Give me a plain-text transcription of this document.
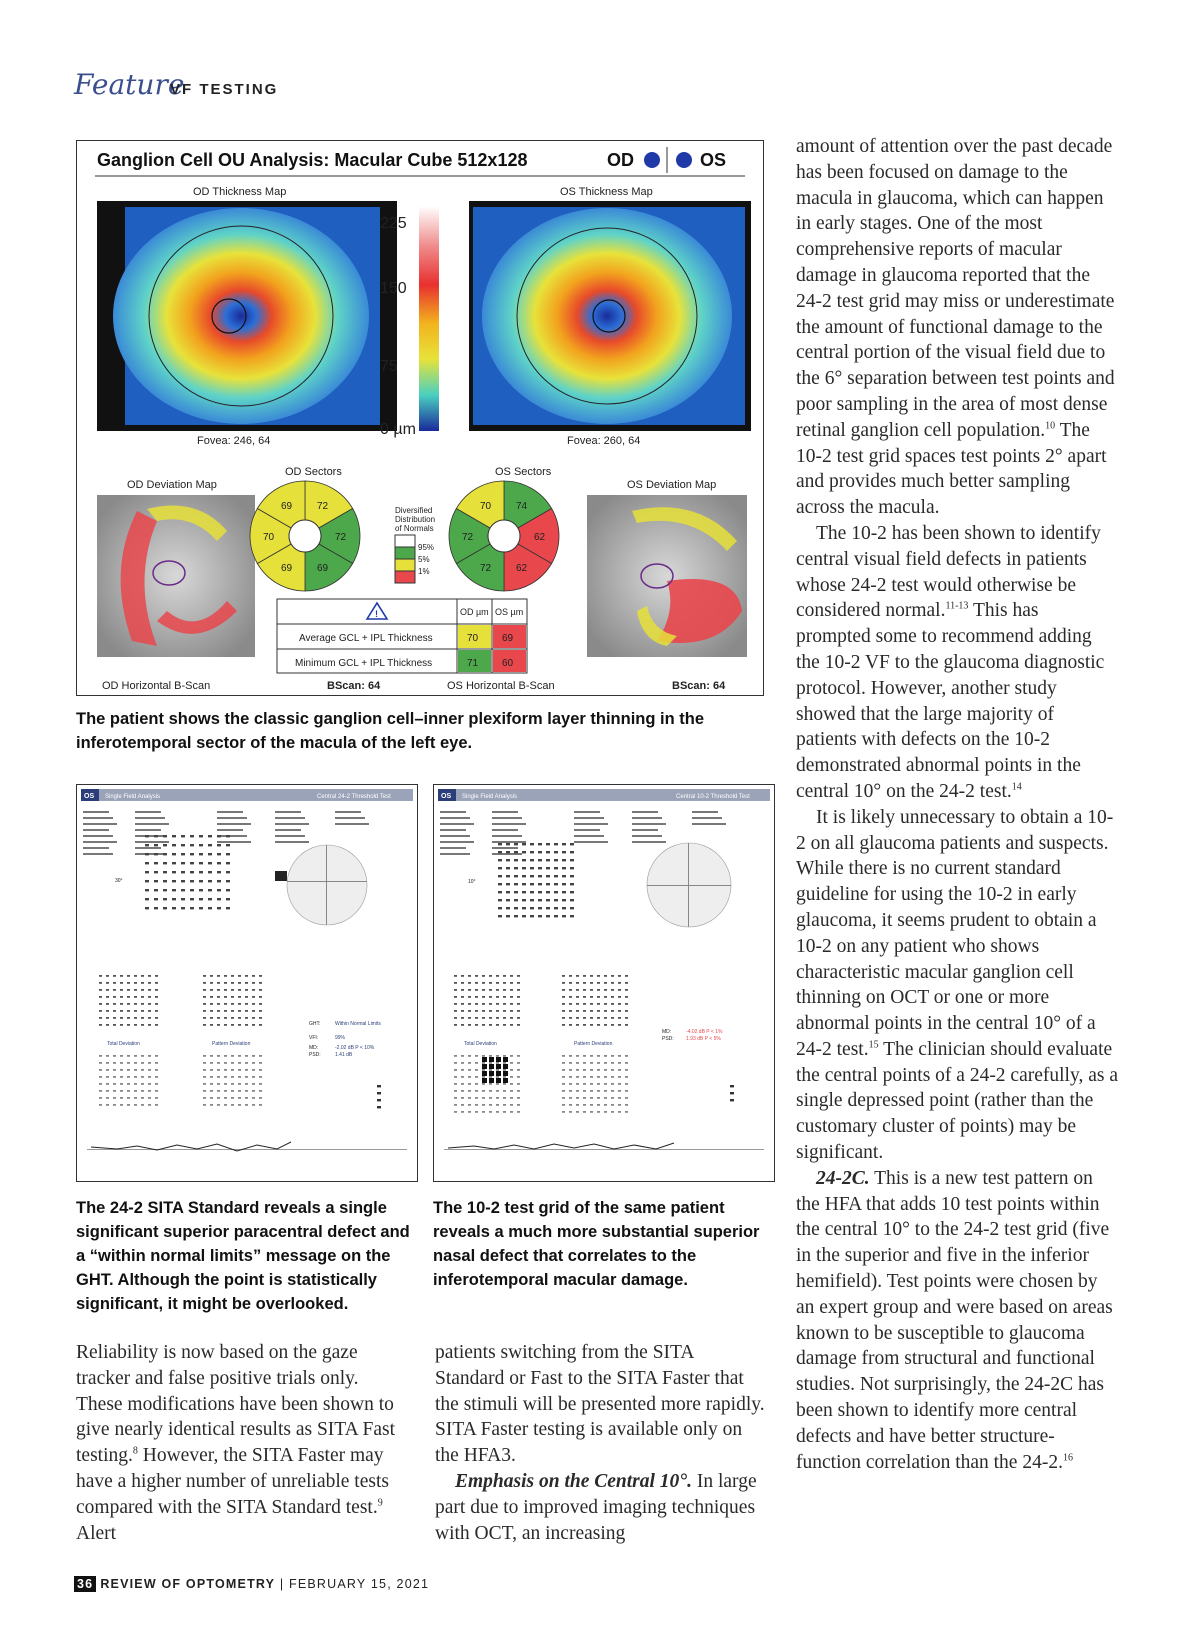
Feature
VF TESTING
Ganglion Cell OU Analysis: Macular Cube 512x128	OD	OS
OD Thickness Map
Fovea: 246, 64
225
150
75
0 µm
OS Thickness Map
Fovea: 260, 64
OD Deviation Map	OS Deviation Map
OD Sectors
72
72
69
69
70
69
OS Sectors
74
62
62
72
72
70
Diversified
Distribution
of Normals
95%
5%
1%
!	OD µm OS µm
Average GCL + IPL Thickness	70 69
Minimum GCL + IPL Thickness	71 60
OD Horizontal B-Scan	BScan: 64	OS Horizontal B-Scan	BScan: 64
The patient shows the classic ganglion cell–inner plexiform layer thinning in the inferotemporal sector of the macula of the left eye.
OS Single Field Analysis	Central 24-2 Threshold Test
Total Deviation	Pattern Deviation
GHT:	Within Normal Limits
VFI:	99%
MD:	-2.02 dB P < 10%
PSD:	1.41 dB
30°
OS Single Field Analysis	Central 10-2 Threshold Test
Total Deviation	Pattern Deviation
MD:	-4.02 dB P < 1%
PSD: 1.93 dB P < 5%
10°
The 24-2 SITA Standard reveals a single significant superior paracentral defect and a “within normal limits” message on the GHT. Although the point is statistically significant, it might be overlooked.
The 10-2 test grid of the same patient reveals a much more substantial superior nasal defect that correlates to the inferotemporal macular damage.

amount of attention over the past decade has been focused on damage to the macula in glaucoma, which can happen in early stages. One of the most comprehensive reports of macular damage in glaucoma reported that the 24-2 test grid may miss or underestimate the amount of functional damage to the central portion of the visual field due to the 6° separation between test points and poor sampling in the area of most dense retinal ganglion cell population.$^{10}$ The 10-2 test grid spaces test points 2° apart and provides much better sampling across the macula.

The 10-2 has been shown to identify central visual field defects in patients whose 24-2 test would otherwise be considered normal.$^{11-13}$ This has prompted some to recommend adding the 10-2 VF to the glaucoma diagnostic protocol. However, another study showed that the large majority of patients with defects on the 10-2 demonstrated abnormal points in the central 10° on the 24-2 test.$^{14}$

It is likely unnecessary to obtain a 10-2 on all glaucoma patients and suspects. While there is no current standard guideline for using the 10-2 in early glaucoma, it seems prudent to obtain a 10-2 on any patient who shows characteristic macular ganglion cell thinning on OCT or one or more abnormal points in the central 10° of a 24-2 test.$^{15}$ The clinician should evaluate the central points of a 24-2 carefully, as a single depressed point (rather than the customary cluster of points) may be significant.

24-2C. This is a new test pattern on the HFA that adds 10 test points within the central 10° to the 24-2 test grid (five in the superior and five in the inferior hemifield). Test points were chosen by an expert group and were based on areas known to be susceptible to glaucoma damage from structural and functional studies. Not surprisingly, the 24-2C has been shown to identify more central defects and have better structure-function correlation than the 24-2.16

Reliability is now based on the gaze tracker and false positive trials only. These modifications have been shown to give nearly identical results as SITA Fast testing.$^8$ However, the SITA Faster may have a higher number of unreliable tests compared with the SITA Standard test.$^9$ Alert

patients switching from the SITA Standard or Fast to the SITA Faster that the stimuli will be presented more rapidly. SITA Faster testing is available only on the HFA3.

Emphasis on the Central 10°. In large part due to improved imaging techniques with OCT, an increasing

36 REVIEW OF OPTOMETRY | FEBRUARY 15, 2021
